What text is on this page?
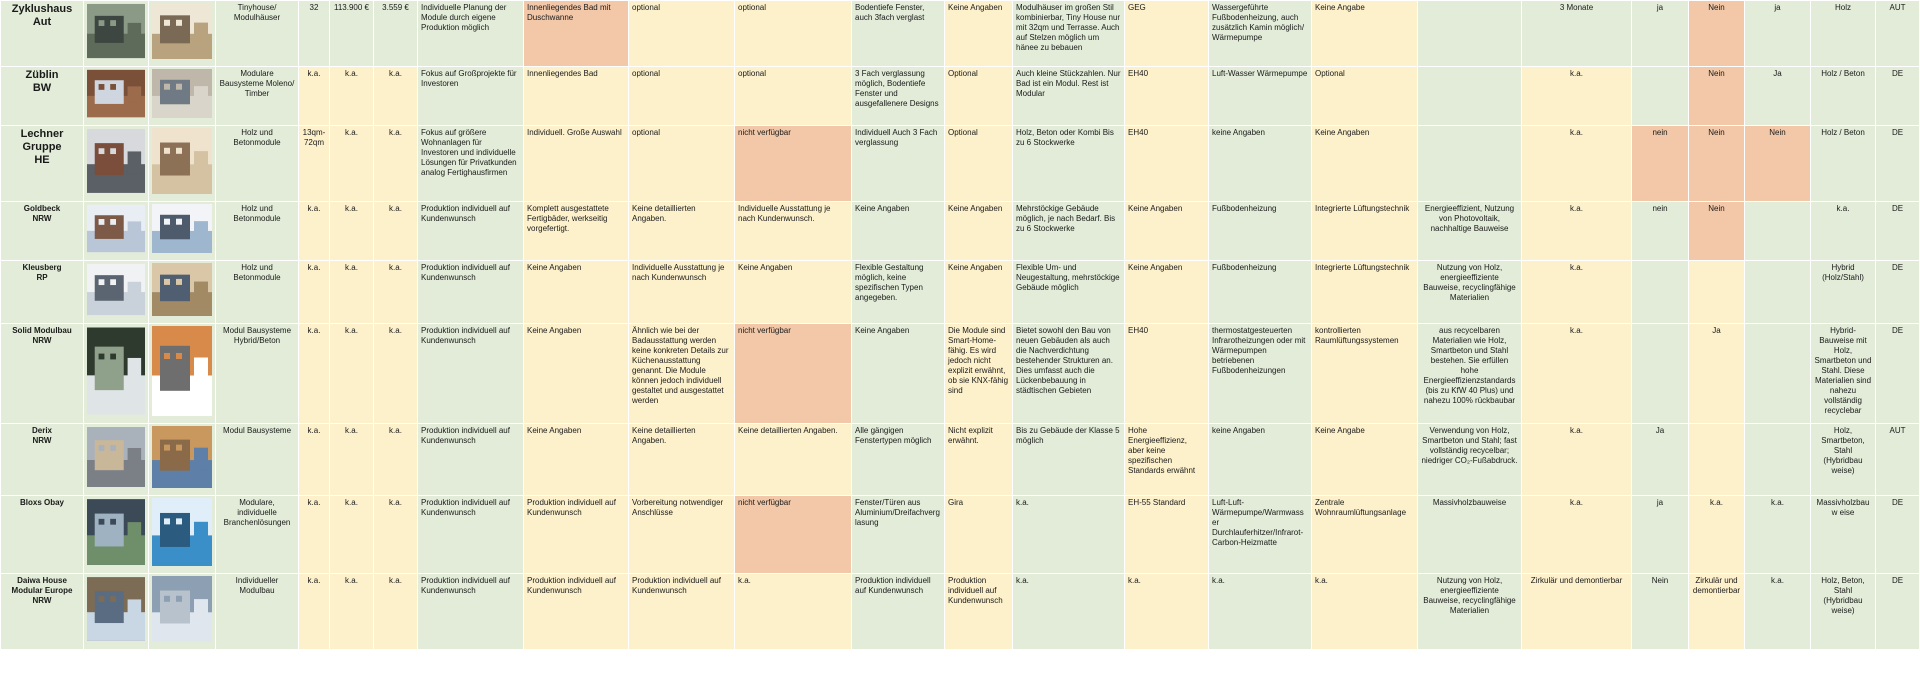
Zyklushaus
Aut			Tinyhouse/ Modulhäuser	32	113.900 €	3.559 €	Individuelle Planung der Module durch eigene Produktion möglich	Innenliegendes Bad mit Duschwanne	optional	optional	Bodentiefe Fenster, auch 3fach verglast	Keine Angaben	Modulhäuser im großen Stil kombinierbar, Tiny House nur mit 32qm und Terrasse. Auch auf Stelzen möglich um hänee zu bebauen	GEG	Wassergeführte Fußbodenheizung, auch zusätzlich Kamin möglich/ Wärmepumpe	Keine Angabe		3 Monate	ja	Nein	ja	Holz	AUT

Züblin
BW			Modulare Bausysteme Moleno/ Timber	k.a.	k.a.	k.a.	Fokus auf Großprojekte für Investoren	Innenliegendes Bad	optional	optional	3 Fach verglassung möglich, Bodentiefe Fenster und ausgefallenere Designs	Optional	Auch kleine Stückzahlen. Nur Bad ist ein Modul. Rest ist Modular	EH40	Luft-Wasser Wärmepumpe	Optional		k.a.		Nein	Ja	Holz / Beton	DE

Lechner Gruppe
HE			Holz und Betonmodule	13qm-72qm	k.a.	k.a.	Fokus auf größere Wohnanlagen für Investoren und individuelle Lösungen für Privatkunden analog Fertighausfirmen	Individuell. Große Auswahl	optional	nicht verfügbar	Individuell Auch 3 Fach verglassung	Optional	Holz, Beton oder Kombi Bis zu 6 Stockwerke	EH40	keine Angaben	Keine Angaben		k.a.	nein	Nein	Nein	Holz / Beton	DE

Goldbeck
NRW			Holz und Betonmodule	k.a.	k.a.	k.a.	Produktion individuell auf Kundenwunsch	Komplett ausgestattete Fertigbäder, werkseitig vorgefertigt.	Keine detaillierten Angaben.	Individuelle Ausstattung je nach Kundenwunsch.	Keine Angaben	Keine Angaben	Mehrstöckige Gebäude möglich, je nach Bedarf. Bis zu 6 Stockwerke	Keine Angaben	Fußbodenheizung	Integrierte Lüftungstechnik	Energieeffizient, Nutzung von Photovoltaik, nachhaltige Bauweise	k.a.	nein	Nein		k.a.	DE

Kleusberg
RP			Holz und Betonmodule	k.a.	k.a.	k.a.	Produktion individuell auf Kundenwunsch	Keine Angaben	Individuelle Ausstattung je nach Kundenwunsch	Keine Angaben	Flexible Gestaltung möglich, keine spezifischen Typen angegeben.	Keine Angaben	Flexible Um- und Neugestaltung, mehrstöckige Gebäude möglich	Keine Angaben	Fußbodenheizung	Integrierte Lüftungstechnik	Nutzung von Holz, energieeffiziente Bauweise, recyclingfähige Materialien	k.a.				Hybrid (Holz/Stahl)	DE

Solid Modulbau
NRW			Modul Bausysteme Hybrid/Beton	k.a.	k.a.	k.a.	Produktion individuell auf Kundenwunsch	Keine Angaben	Ähnlich wie bei der Badausstattung werden keine konkreten Details zur Küchenausstattung genannt. Die Module können jedoch individuell gestaltet und ausgestattet werden	nicht verfügbar	Keine Angaben	Die Module sind Smart-Home-fähig. Es wird jedoch nicht explizit erwähnt, ob sie KNX-fähig sind	Bietet sowohl den Bau von neuen Gebäuden als auch die Nachverdichtung bestehender Strukturen an. Dies umfasst auch die Lückenbebauung in städtischen Gebieten	EH40	thermostatgesteuerten Infrarotheizungen oder mit Wärmepumpen betriebenen Fußbodenheizungen	kontrollierten Raumlüftungssystemen	aus recycelbaren Materialien wie Holz, Smartbeton und Stahl bestehen. Sie erfüllen hohe Energieeffizienzstandards (bis zu KfW 40 Plus) und nahezu 100% rückbaubar	k.a.		Ja		Hybrid-Bauweise mit Holz, Smartbeton und Stahl. Diese Materialien sind nahezu vollständig recyclebar	DE

Derix
NRW			Modul Bausysteme	k.a.	k.a.	k.a.	Produktion individuell auf Kundenwunsch	Keine Angaben	Keine detaillierten Angaben.	Keine detaillierten Angaben.	Alle gängigen Fenstertypen möglich	Nicht explizit erwähnt.	Bis zu Gebäude der Klasse 5 möglich	Hohe Energieeffizienz, aber keine spezifischen Standards erwähnt	keine Angaben	Keine Angabe	Verwendung von Holz, Smartbeton und Stahl; fast vollständig recycelbar; niedriger CO₂-Fußabdruck.	k.a.	Ja			Holz, Smartbeton, Stahl (Hybridbau weise)	AUT

Bloxs Obay			Modulare, individuelle Branchenlösungen	k.a.	k.a.	k.a.	Produktion individuell auf Kundenwunsch	Produktion individuell auf Kundenwunsch	Vorbereitung notwendiger Anschlüsse	nicht verfügbar	Fenster/Türen aus Aluminium/Dreifachverglasung	Gira	k.a.	EH-55 Standard	Luft-Luft-Wärmepumpe/Warmwasser Durchlauferhitzer/Infrarot-Carbon-Heizmatte	Zentrale Wohnraumlüftungsanlage	Massivholzbauweise	k.a.	ja	k.a.	k.a.	Massivholzbauw eise	DE

Daiwa House
Modular Europe NRW			Individueller Modulbau	k.a.	k.a.	k.a.	Produktion individuell auf Kundenwunsch	Produktion individuell auf Kundenwunsch	Produktion individuell auf Kundenwunsch	k.a.	Produktion individuell auf Kundenwunsch	Produktion individuell auf Kundenwunsch	k.a.	k.a.	k.a.	k.a.	Nutzung von Holz, energieeffiziente Bauweise, recyclingfähige Materialien	Zirkulär und demontierbar	Nein	Zirkulär und demontierbar	k.a.	Holz, Beton, Stahl (Hybridbau weise)	DE
